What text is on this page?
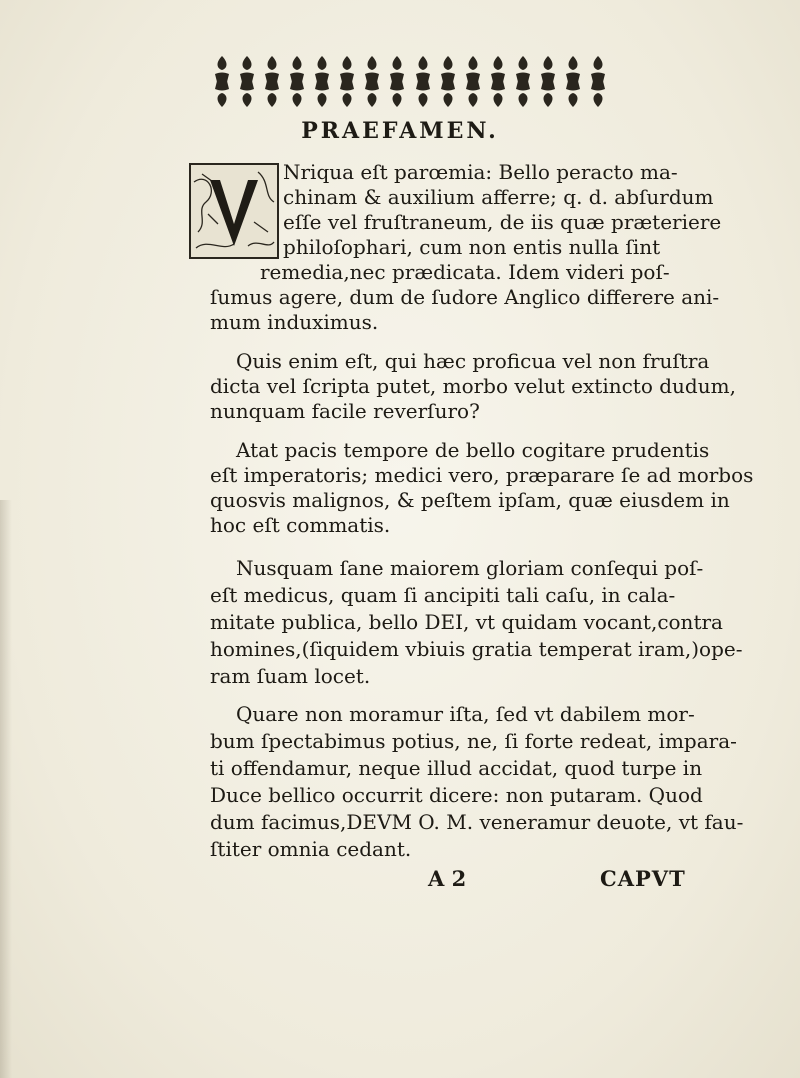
PRAEFAMEN.
Nriqua eſt parœmia: Bello peracto ma-
chinam & auxilium afferre; q. d. abſurdum
eſſe vel fruſtraneum, de iis quæ præteriere
philoſophari, cum non entis nulla ſint
remedia,nec prædicata. Idem videri poſ-
ſumus agere, dum de ſudore Anglico differere ani-
mum induximus.
Quis enim eſt, qui hæc proficua vel non fruſtra
dicta vel ſcripta putet, morbo velut extincto dudum,
nunquam facile reverſuro?
Atat pacis tempore de bello cogitare prudentis
eſt imperatoris; medici vero, præparare ſe ad morbos
quosvis malignos, & peſtem ipſam, quæ eiusdem in
hoc eſt commatis.
Nusquam ſane maiorem gloriam conſequi poſ-
eſt medicus, quam ſi ancipiti tali caſu, in cala-
mitate publica, bello DEI, vt quidam vocant,contra
homines,(ſiquidem vbiuis gratia temperat iram,)ope-
ram ſuam locet.
Quare non moramur iſta, ſed vt dabilem mor-
bum ſpectabimus potius, ne, ſi forte redeat, impara-
ti offendamur, neque illud accidat, quod turpe in
Duce bellico occurrit dicere: non putaram. Quod
dum facimus,DEVM O. M. veneramur deuote, vt fau-
ſtiter omnia cedant.
A 2	CAPVT
